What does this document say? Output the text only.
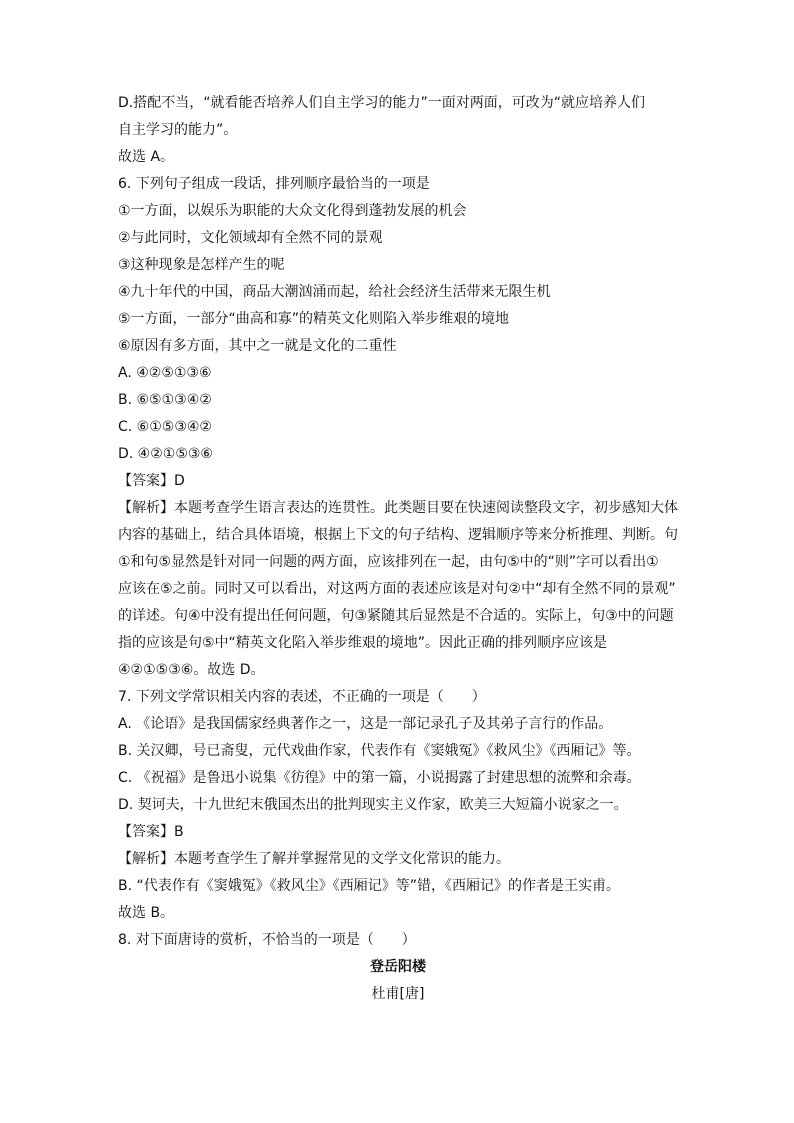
D.搭配不当，“就看能否培养人们自主学习的能力”一面对两面，可改为“就应培养人们
自主学习的能力”。
故选 A。
6. 下列句子组成一段话，排列顺序最恰当的一项是
①一方面，以娱乐为职能的大众文化得到蓬勃发展的机会
②与此同时，文化领域却有全然不同的景观
③这种现象是怎样产生的呢
④九十年代的中国，商品大潮汹涌而起，给社会经济生活带来无限生机
⑤一方面，一部分“曲高和寡”的精英文化则陷入举步维艰的境地
⑥原因有多方面，其中之一就是文化的二重性
A. ④②⑤①③⑥
B. ⑥⑤①③④②
C. ⑥①⑤③④②
D. ④②①⑤③⑥
【答案】D
【解析】本题考查学生语言表达的连贯性。此类题目要在快速阅读整段文字，初步感知大体
内容的基础上，结合具体语境，根据上下文的句子结构、逻辑顺序等来分析推理、判断。句
①和句⑤显然是针对同一问题的两方面，应该排列在一起，由句⑤中的“则”字可以看出①
应该在⑤之前。同时又可以看出，对这两方面的表述应该是对句②中“却有全然不同的景观”
的详述。句④中没有提出任何问题，句③紧随其后显然是不合适的。实际上，句③中的问题
指的应该是句⑤中“精英文化陷入举步维艰的境地”。因此正确的排列顺序应该是
④②①⑤③⑥。故选 D。
7. 下列文学常识相关内容的表述，不正确的一项是（　　）
A. 《论语》是我国儒家经典著作之一，这是一部记录孔子及其弟子言行的作品。
B. 关汉卿，号已斋叟，元代戏曲作家，代表作有《窦娥冤》《救风尘》《西厢记》等。
C. 《祝福》是鲁迅小说集《彷徨》中的第一篇，小说揭露了封建思想的流弊和余毒。
D. 契诃夫，十九世纪末俄国杰出的批判现实主义作家，欧美三大短篇小说家之一。
【答案】B
【解析】本题考查学生了解并掌握常见的文学文化常识的能力。
B. “代表作有《窦娥冤》《救风尘》《西厢记》等”错，《西厢记》的作者是王实甫。
故选 B。
8. 对下面唐诗的赏析，不恰当的一项是（　　）
登岳阳楼
杜甫[唐]
